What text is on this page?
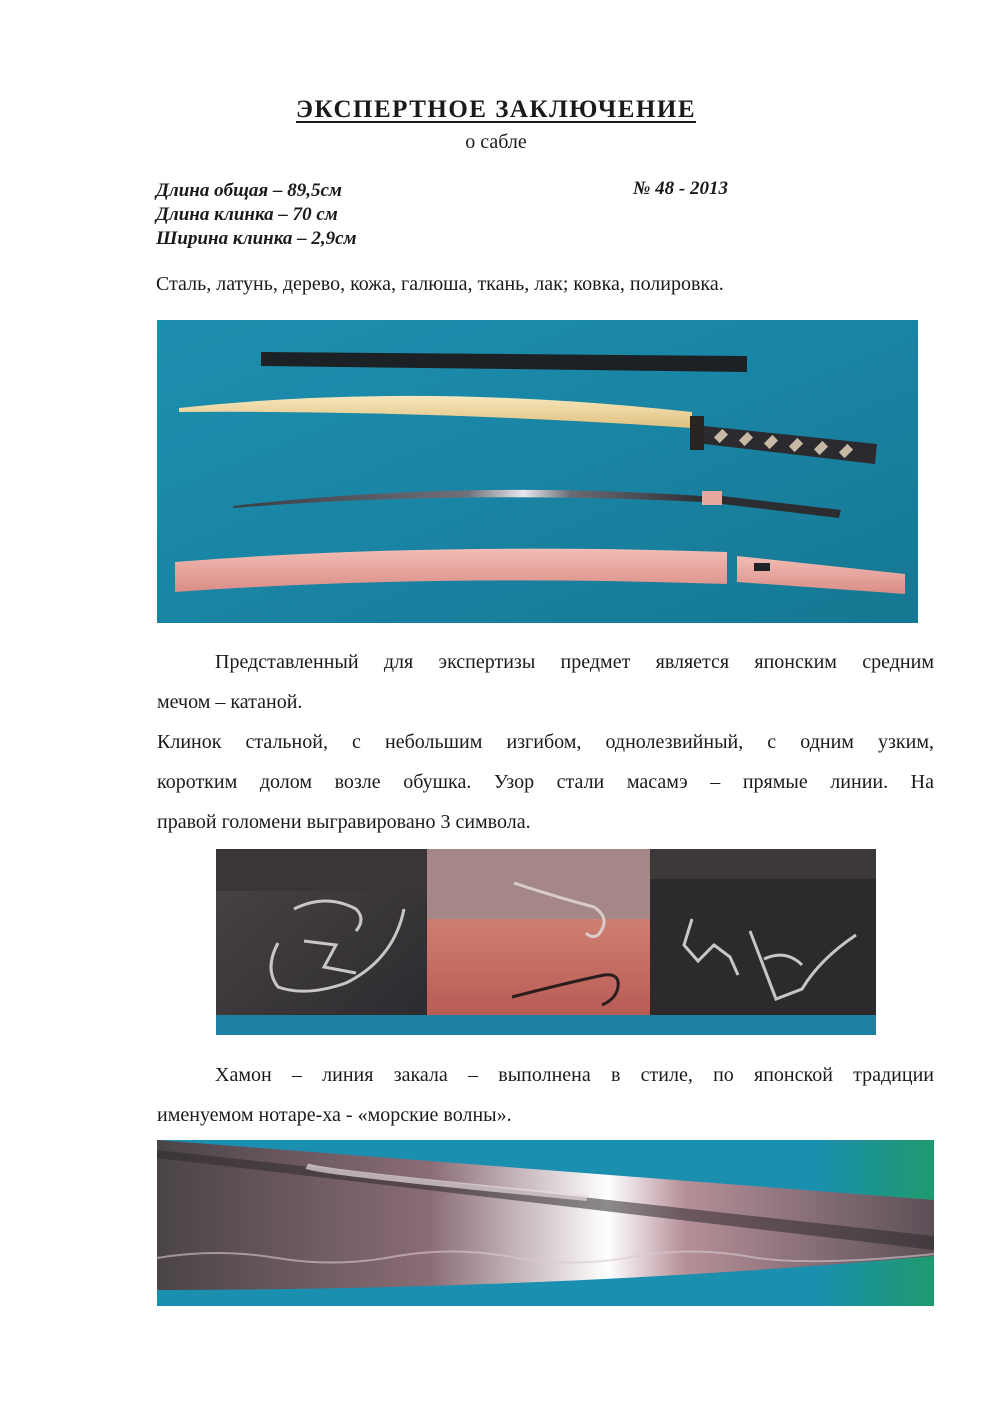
ЭКСПЕРТНОЕ ЗАКЛЮЧЕНИЕ
о сабле
Длина общая – 89,5см
Длина клинка – 70 см
Ширина клинка – 2,9см
№ 48 - 2013
Сталь, латунь, дерево, кожа, галюша, ткань, лак; ковка, полировка.

Представленный для экспертизы предмет является японским средним

мечом – катаной.

Клинок стальной, с небольшим изгибом, однолезвийный, с одним узким,

коротким долом возле обушка. Узор стали масамэ – прямые линии. На

правой голомени выгравировано 3 символа.

Хамон – линия закала – выполнена в стиле, по японской традиции

именуемом нотаре-ха - «морские волны».
